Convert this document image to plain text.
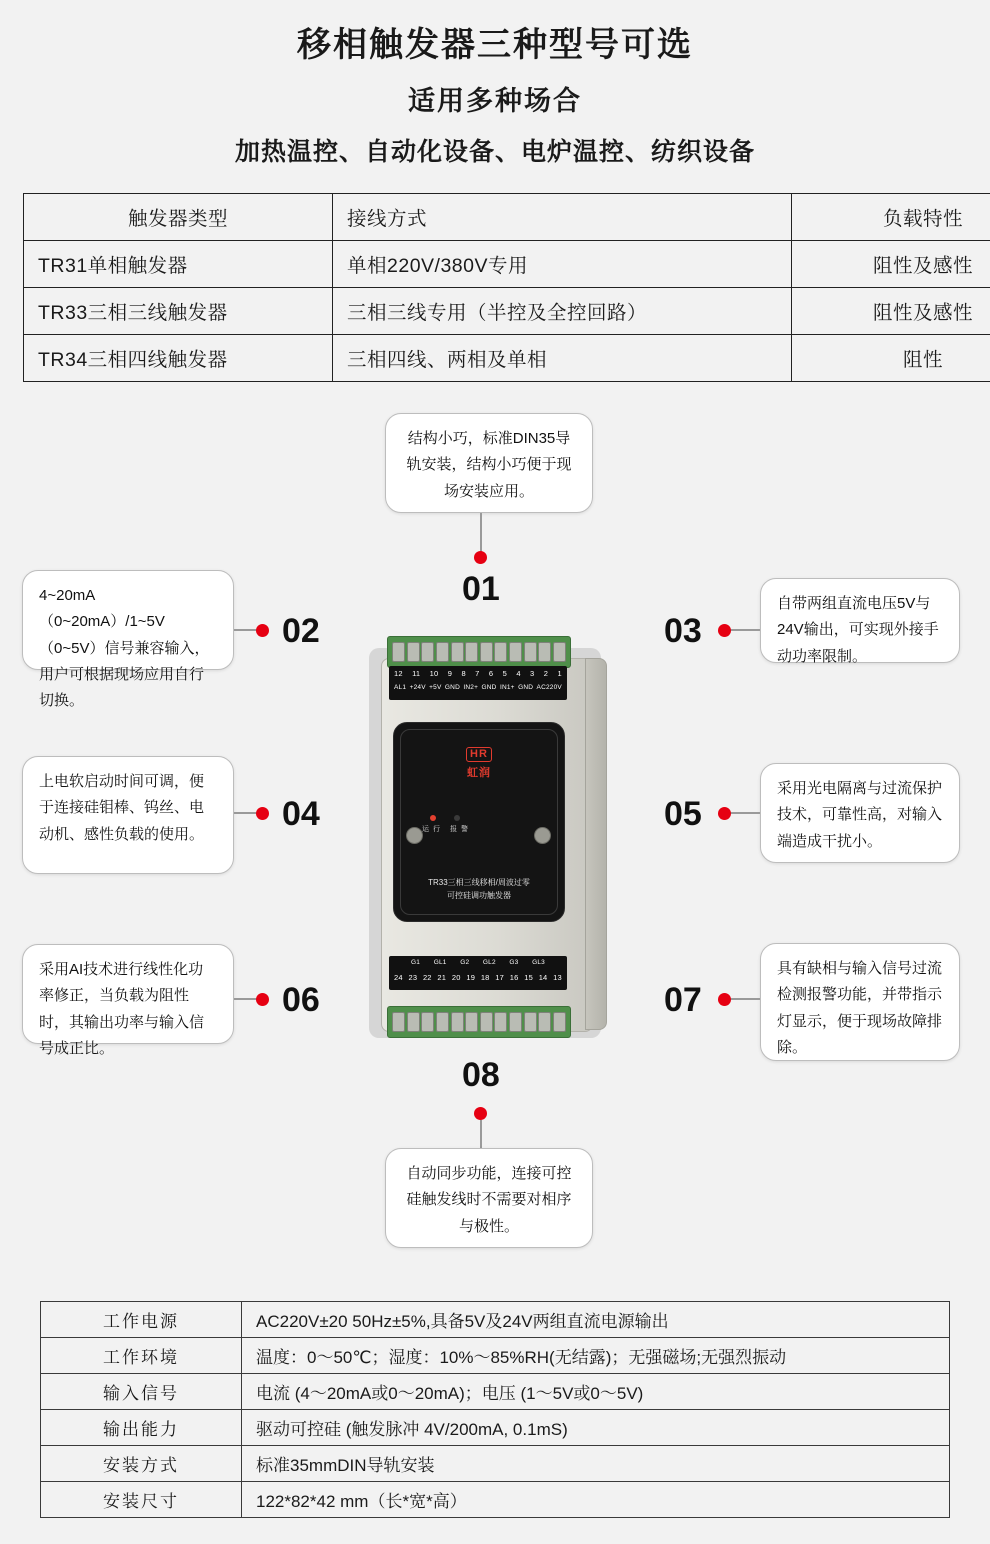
移相触发器三种型号可选
适用多种场合
加热温控、自动化设备、电炉温控、纺织设备
触发器类型	接线方式	负载特性
TR31单相触发器	单相220V/380V专用	阻性及感性
TR33三相三线触发器	三相三线专用（半控及全控回路）	阻性及感性
TR34三相四线触发器	三相四线、两相及单相	阻性
结构小巧，标准DIN35导轨安装，结构小巧便于现场安装应用。
01
4~20mA（0~20mA）/1~5V（0~5V）信号兼容输入，用户可根据现场应用自行切换。
02
自带两组直流电压5V与24V输出，可实现外接手动功率限制。
03
上电软启动时间可调，便于连接硅钼棒、钨丝、电动机、感性负载的使用。
04
采用光电隔离与过流保护技术，可靠性高，对输入端造成干扰小。
05
采用AI技术进行线性化功率修正，当负载为阻性时，其输出功率与输入信号成正比。
06
具有缺相与输入信号过流检测报警功能，并带指示灯显示，便于现场故障排除。
07
08
自动同步功能，连接可控硅触发线时不需要对相序与极性。
12 11 10 9 8 7 6 5 4 3 2 1
AL1 +24V +5V GND IN2+ GND IN1+ GND AC220V
HR
虹润
运行 报警
TR33三相三线移相/周波过零
可控硅调功触发器
G1 GL1 G2 GL2 G3 GL3
24 23 22 21 20 19 18 17 16 15 14 13
工作电源	AC220V±20 50Hz±5%,具备5V及24V两组直流电源输出
工作环境	温度：0～50℃；湿度：10%～85%RH(无结露)；无强磁场;无强烈振动
输入信号	电流 (4～20mA或0～20mA)；电压 (1～5V或0～5V)
输出能力	驱动可控硅 (触发脉冲 4V/200mA, 0.1mS)
安装方式	标准35mmDIN导轨安装
安装尺寸	122*82*42 mm（长*宽*高）
